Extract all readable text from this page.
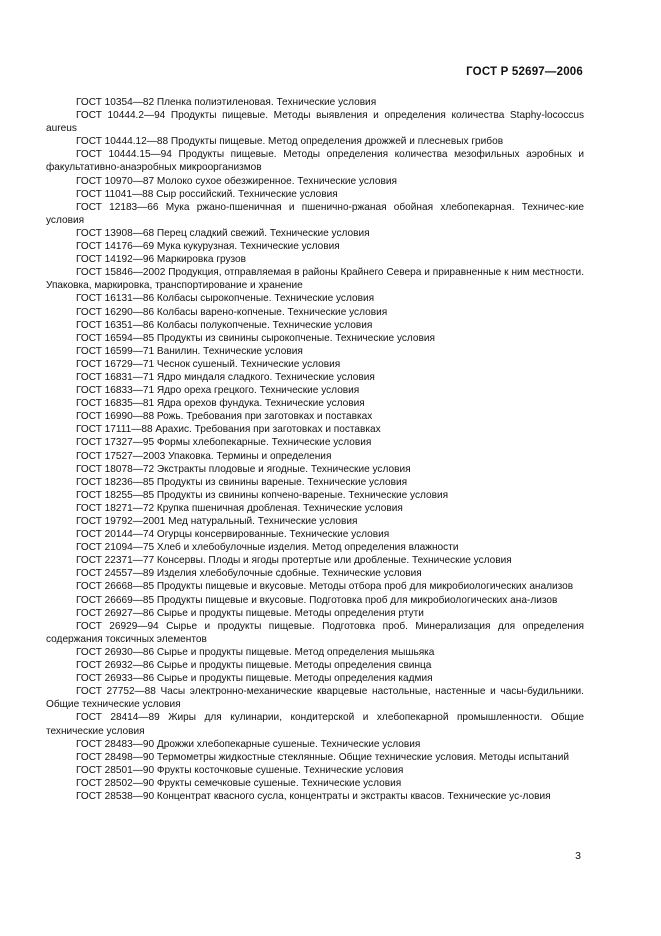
ГОСТ Р 52697—2006

ГОСТ 10354—82 Пленка полиэтиленовая. Технические условия

ГОСТ 10444.2—94 Продукты пищевые. Методы выявления и определения количества Staphy-lococcus aureus

ГОСТ 10444.12—88 Продукты пищевые. Метод определения дрожжей и плесневых грибов

ГОСТ 10444.15—94 Продукты пищевые. Методы определения количества мезофильных аэробных и факультативно-анаэробных микроорганизмов

ГОСТ 10970—87 Молоко сухое обезжиренное. Технические условия

ГОСТ 11041—88 Сыр российский. Технические условия

ГОСТ 12183—66 Мука ржано-пшеничная и пшенично-ржаная обойная хлебопекарная. Техничес-кие условия

ГОСТ 13908—68 Перец сладкий свежий. Технические условия

ГОСТ 14176—69 Мука кукурузная. Технические условия

ГОСТ 14192—96 Маркировка грузов

ГОСТ 15846—2002 Продукция, отправляемая в районы Крайнего Севера и приравненные к ним местности. Упаковка, маркировка, транспортирование и хранение

ГОСТ 16131—86 Колбасы сырокопченые. Технические условия

ГОСТ 16290—86 Колбасы варено-копченые. Технические условия

ГОСТ 16351—86 Колбасы полукопченые. Технические условия

ГОСТ 16594—85 Продукты из свинины сырокопченые. Технические условия

ГОСТ 16599—71 Ванилин. Технические условия

ГОСТ 16729—71 Чеснок сушеный. Технические условия

ГОСТ 16831—71 Ядро миндаля сладкого. Технические условия

ГОСТ 16833—71 Ядро ореха грецкого. Технические условия

ГОСТ 16835—81 Ядра орехов фундука. Технические условия

ГОСТ 16990—88 Рожь. Требования при заготовках и поставках

ГОСТ 17111—88 Арахис. Требования при заготовках и поставках

ГОСТ 17327—95 Формы хлебопекарные. Технические условия

ГОСТ 17527—2003 Упаковка. Термины и определения

ГОСТ 18078—72 Экстракты плодовые и ягодные. Технические условия

ГОСТ 18236—85 Продукты из свинины вареные. Технические условия

ГОСТ 18255—85 Продукты из свинины копчено-вареные. Технические условия

ГОСТ 18271—72 Крупка пшеничная дробленая. Технические условия

ГОСТ 19792—2001 Мед натуральный. Технические условия

ГОСТ 20144—74 Огурцы консервированные. Технические условия

ГОСТ 21094—75 Хлеб и хлебобулочные изделия. Метод определения влажности

ГОСТ 22371—77 Консервы. Плоды и ягоды протертые или дробленые. Технические условия

ГОСТ 24557—89 Изделия хлебобулочные сдобные. Технические условия

ГОСТ 26668—85 Продукты пищевые и вкусовые. Методы отбора проб для микробиологических анализов

ГОСТ 26669—85 Продукты пищевые и вкусовые. Подготовка проб для микробиологических ана-лизов

ГОСТ 26927—86 Сырье и продукты пищевые. Методы определения ртути

ГОСТ 26929—94 Сырье и продукты пищевые. Подготовка проб. Минерализация для определения содержания токсичных элементов

ГОСТ 26930—86 Сырье и продукты пищевые. Метод определения мышьяка

ГОСТ 26932—86 Сырье и продукты пищевые. Методы определения свинца

ГОСТ 26933—86 Сырье и продукты пищевые. Методы определения кадмия

ГОСТ 27752—88 Часы электронно-механические кварцевые настольные, настенные и часы-будильники. Общие технические условия

ГОСТ 28414—89 Жиры для кулинарии, кондитерской и хлебопекарной промышленности. Общие технические условия

ГОСТ 28483—90 Дрожжи хлебопекарные сушеные. Технические условия

ГОСТ 28498—90 Термометры жидкостные стеклянные. Общие технические условия. Методы испытаний

ГОСТ 28501—90 Фрукты косточковые сушеные. Технические условия

ГОСТ 28502—90 Фрукты семечковые сушеные. Технические условия

ГОСТ 28538—90 Концентрат квасного сусла, концентраты и экстракты квасов. Технические ус-ловия

3
